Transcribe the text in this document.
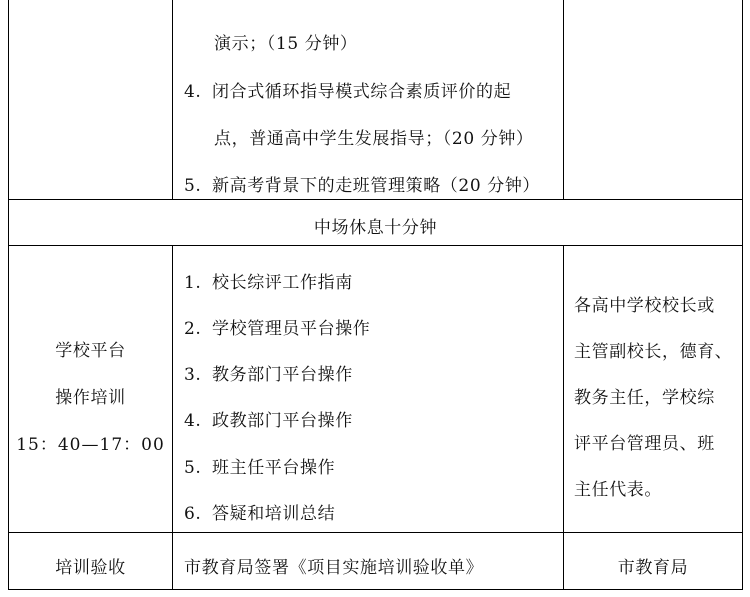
演示；（15 分钟）
4. 闭合式循环指导模式综合素质评价的起
点，普通高中学生发展指导；（20 分钟）
5. 新高考背景下的走班管理策略（20 分钟）
中场休息十分钟
学校平台
操作培训
15：40—17：00
1. 校长综评工作指南
2. 学校管理员平台操作
3. 教务部门平台操作
4. 政教部门平台操作
5. 班主任平台操作
6. 答疑和培训总结
各高中学校校长或
主管副校长，德育、
教务主任，学校综
评平台管理员、班
主任代表。
培训验收	市教育局签署《项目实施培训验收单》	市教育局
